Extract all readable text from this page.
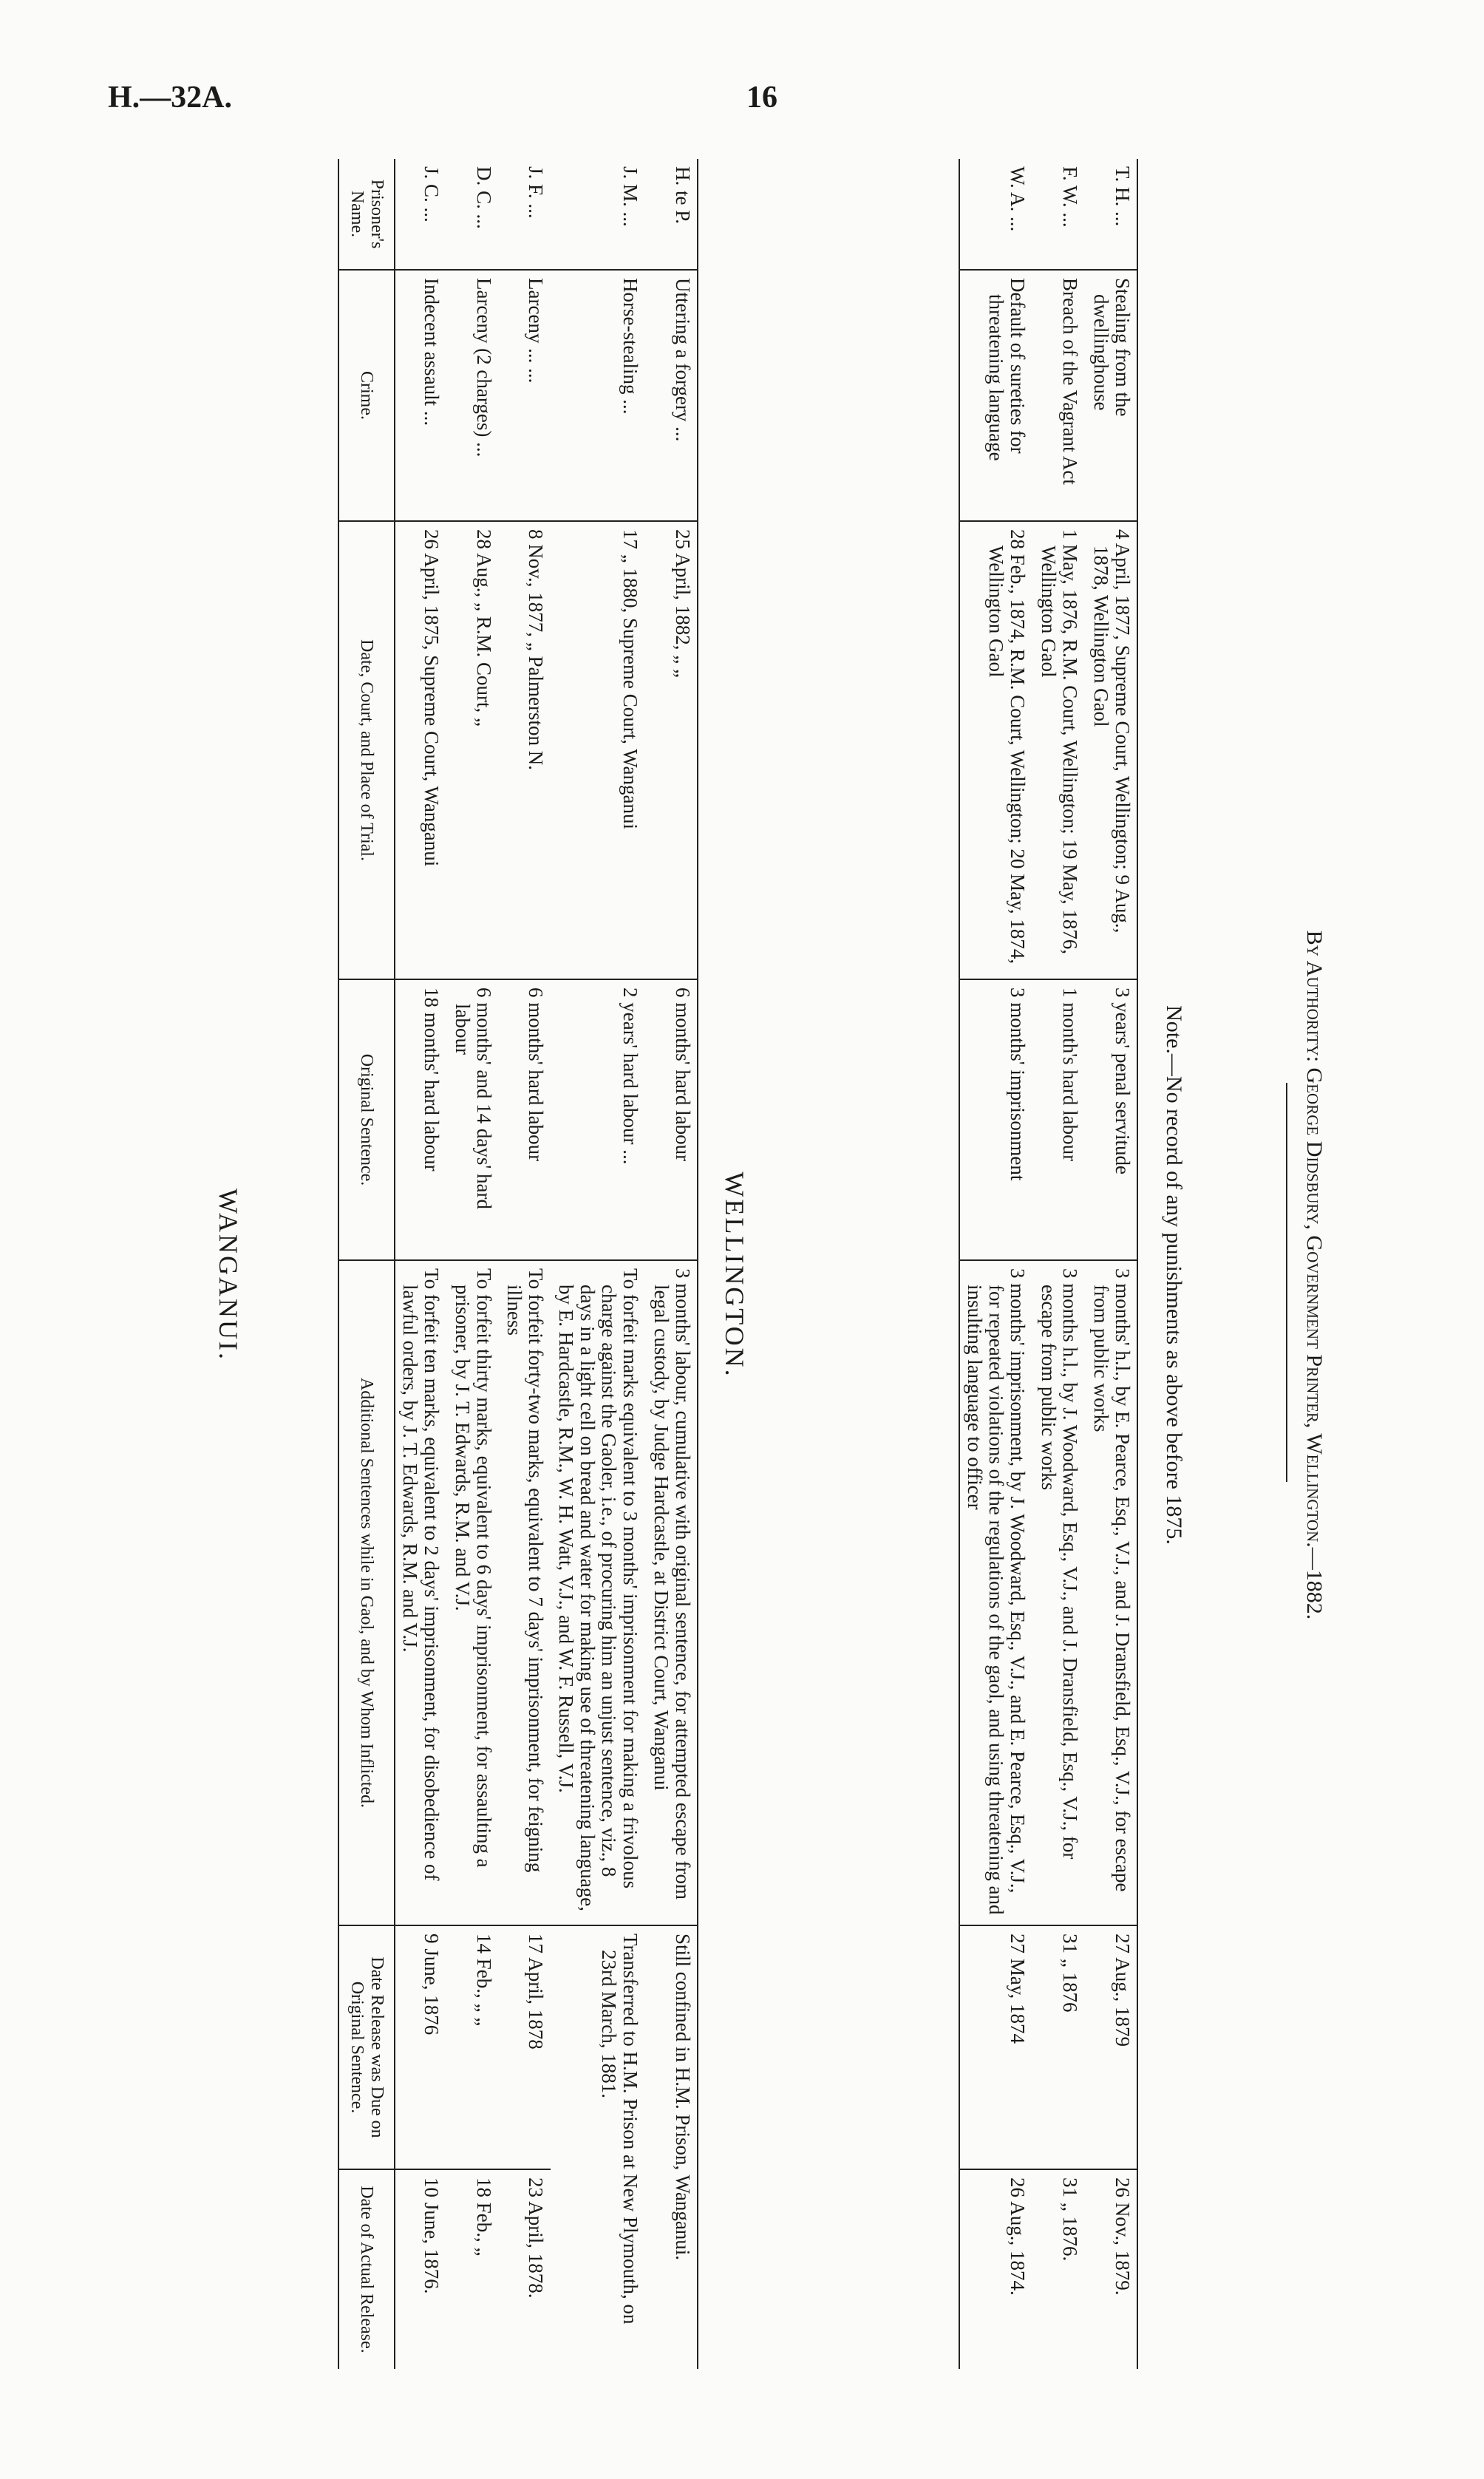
H.—32A.	16
WANGANUI.
Prisoner's Name.	Crime.	Date, Court, and Place of Trial.	Original Sentence.	Additional Sentences while in Gaol, and by Whom Inflicted.	Date Release was Due on Original Sentence.	Date of Actual Release.
J. C. ...	Indecent assault ...	26 April, 1875, Supreme Court, Wanganui	18 months' hard labour	To forfeit ten marks, equivalent to 2 days' imprisonment, for disobedience of lawful orders, by J. T. Edwards, R.M. and V.J.	9 June, 1876	10 June, 1876.
D. C. ...	Larceny (2 charges) ...	28 Aug., „ R.M. Court, „	6 months' and 14 days' hard labour	To forfeit thirty marks, equivalent to 6 days' imprisonment, for assaulting a prisoner, by J. T. Edwards, R.M. and V.J.	14 Feb., „ „	18 Feb., „
J. F. ...	Larceny ... ...	8 Nov., 1877, „ Palmerston N.	6 months' hard labour	To forfeit forty-two marks, equivalent to 7 days' imprisonment, for feigning illness	17 April, 1878	23 April, 1878.
J. M. ...	Horse-stealing ...	17 „ 1880, Supreme Court, Wanganui	2 years' hard labour ...	To forfeit marks equivalent to 3 months' imprisonment for making a frivolous charge against the Gaoler, i.e., of procuring him an unjust sentence, viz., 8 days in a light cell on bread and water for making use of threatening language, by E. Hardcastle, R.M., W. H. Watt, V.J., and W. F. Russell, V.J.	Transferred to H.M. Prison at New Plymouth, on 23rd March, 1881.	
H. te P.	Uttering a forgery ...	25 April, 1882, „ „	6 months' hard labour	3 months' labour, cumulative with original sentence, for attempted escape from legal custody, by Judge Hardcastle, at District Court, Wanganui	Still confined in H.M. Prison, Wanganui.	
WELLINGTON.
W. A. ...	Default of sureties for threatening language	28 Feb., 1874, R.M. Court, Wellington; 20 May, 1874, Wellington Gaol	3 months' imprisonment	3 months' imprisonment, by J. Woodward, Esq., V.J., and E. Pearce, Esq., V.J., for repeated violations of the regulations of the gaol, and using threatening and insulting language to officer	27 May, 1874	26 Aug., 1874.
F. W. ...	Breach of the Vagrant Act	1 May, 1876, R.M. Court, Wellington; 19 May, 1876, Wellington Gaol	1 month's hard labour	3 months h.l., by J. Woodward, Esq., V.J., and J. Dransfield, Esq., V.J., for escape from public works	31 „ 1876	31 „ 1876.
T. H. ...	Stealing from the dwellinghouse	4 April, 1877, Supreme Court, Wellington; 9 Aug., 1878, Wellington Gaol	3 years' penal servitude	3 months' h.l., by E. Pearce, Esq., V.J., and J. Dransfield, Esq., V.J., for escape from public works	27 Aug., 1879	26 Nov., 1879.
Note.—No record of any punishments as above before 1875.	By Authority: George Didsbury, Government Printer, Wellington.—1882.
